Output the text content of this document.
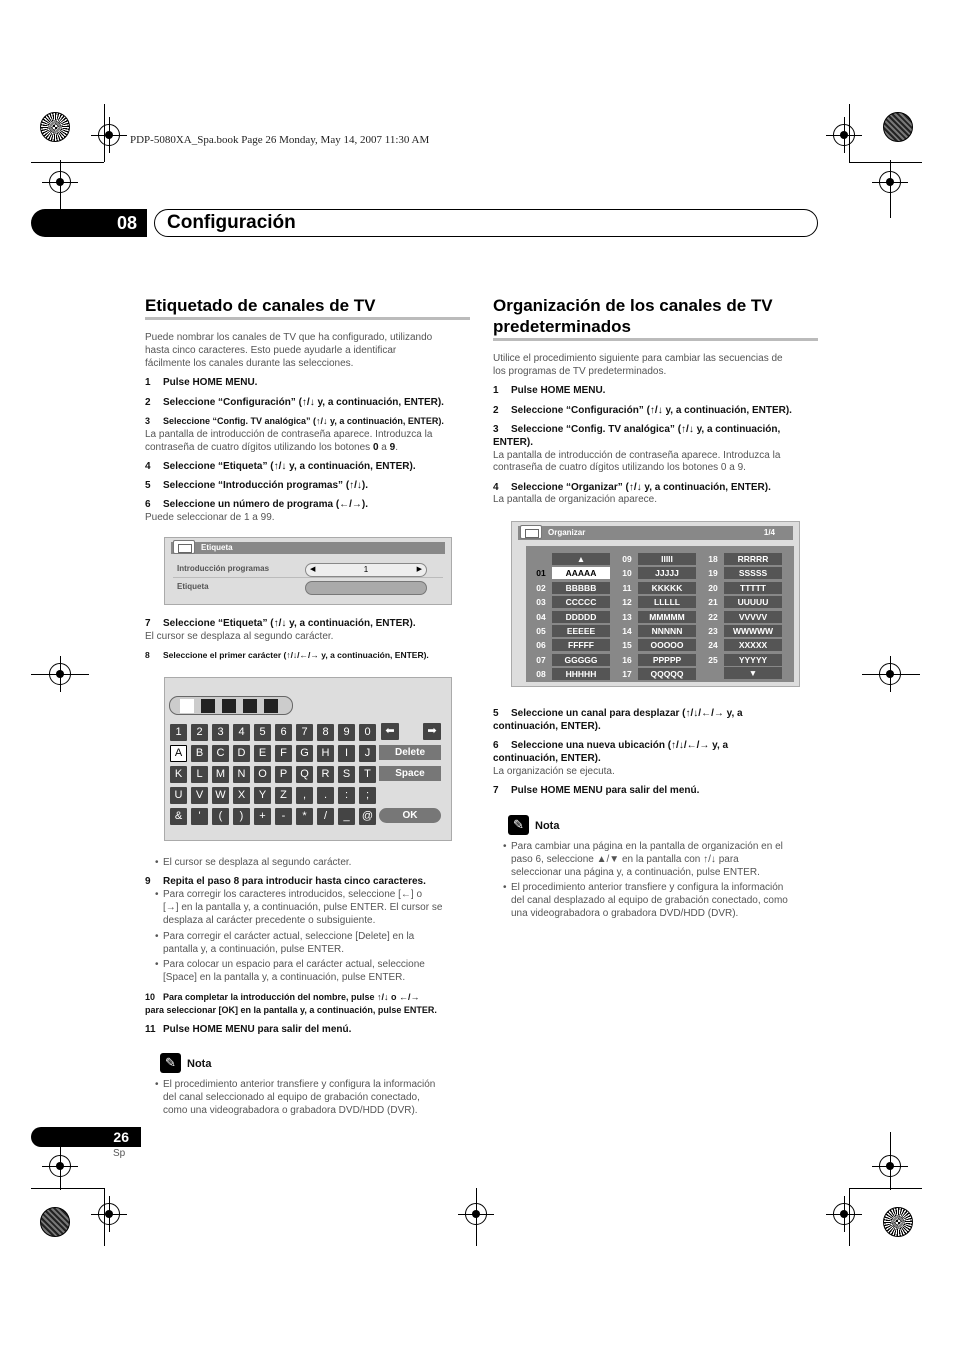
PDP-5080XA_Spa.book Page 26 Monday, May 14, 2007 11:30 AM
08	Configuración
Etiquetado de canales de TV
Puede nombrar los canales de TV que ha configurado, utilizando
hasta cinco caracteres. Esto puede ayudarle a identificar
fácilmente los canales durante las selecciones.
1 Pulse HOME MENU.
2 Seleccione “Configuración” (↑/↓ y, a continuación, ENTER).
3 Seleccione “Config. TV analógica” (↑/↓ y, a continuación, ENTER).
La pantalla de introducción de contraseña aparece. Introduzca la
contraseña de cuatro dígitos utilizando los botones 0 a 9.
4 Seleccione “Etiqueta” (↑/↓ y, a continuación, ENTER).
5 Seleccione “Introducción programas” (↑/↓).
6 Seleccione un número de programa (←/→).
Puede seleccionar de 1 a 99.
Etiqueta
Introducción programas	◀	1	▶
Etiqueta
7 Seleccione “Etiqueta” (↑/↓ y, a continuación, ENTER).
El cursor se desplaza al segundo carácter.
8 Seleccione el primer carácter (↑/↓/←/→ y, a continuación, ENTER).
1	2	3	4	5	6	7	8	9	0
A	B	C	D	E	F	G	H	I	J
K	L	M	N	O	P	Q	R	S	T
U	V	W	X	Y	Z	,	.	:	;
&	'	(	)	+	-	*	/	_	@
⬅	➡
Delete
Space
OK
• El cursor se desplaza al segundo carácter.
9 Repita el paso 8 para introducir hasta cinco caracteres.
• Para corregir los caracteres introducidos, seleccione [←] o
[→] en la pantalla y, a continuación, pulse ENTER. El cursor se
desplaza al carácter precedente o subsiguiente.
• Para corregir el carácter actual, seleccione [Delete] en la
pantalla y, a continuación, pulse ENTER.
• Para colocar un espacio para el carácter actual, seleccione
[Space] en la pantalla y, a continuación, pulse ENTER.
10 Para completar la introducción del nombre, pulse ↑/↓ o ←/→
para seleccionar [OK] en la pantalla y, a continuación, pulse ENTER.
11 Pulse HOME MENU para salir del menú.
✎	Nota
• El procedimiento anterior transfiere y configura la información
del canal seleccionado al equipo de grabación conectado,
como una videograbadora o grabadora DVD/HDD (DVR).
Organización de los canales de TV
predeterminados
Utilice el procedimiento siguiente para cambiar las secuencias de
los programas de TV predeterminados.
1 Pulse HOME MENU.
2 Seleccione “Configuración” (↑/↓ y, a continuación, ENTER).
3 Seleccione “Config. TV analógica” (↑/↓ y, a continuación,
ENTER).
La pantalla de introducción de contraseña aparece. Introduzca la
contraseña de cuatro dígitos utilizando los botones 0 a 9.
4 Seleccione “Organizar” (↑/↓ y, a continuación, ENTER).
La pantalla de organización aparece.
Organizar	1/4
▲
▼
01	AAAAA
02	BBBBB
03	CCCCC
04	DDDDD
05	EEEEE
06	FFFFF
07	GGGGG
08	HHHHH
09	IIIII
10	JJJJJ
11	KKKKK
12	LLLLL
13	MMMMM
14	NNNNN
15	OOOOO
16	PPPPP
17	QQQQQ
18	RRRRR
19	SSSSS
20	TTTTT
21	UUUUU
22	VVVVV
23	WWWWW
24	XXXXX
25	YYYYY
5 Seleccione un canal para desplazar (↑/↓/←/→ y, a
continuación, ENTER).
6 Seleccione una nueva ubicación (↑/↓/←/→ y, a
continuación, ENTER).
La organización se ejecuta.
7 Pulse HOME MENU para salir del menú.
✎	Nota
• Para cambiar una página en la pantalla de organización en el
paso 6, seleccione ▲/▼ en la pantalla con ↑/↓ para
seleccionar una página y, a continuación, pulse ENTER.
• El procedimiento anterior transfiere y configura la información
del canal desplazado al equipo de grabación conectado, como
una videograbadora o grabadora DVD/HDD (DVR).
26
Sp
